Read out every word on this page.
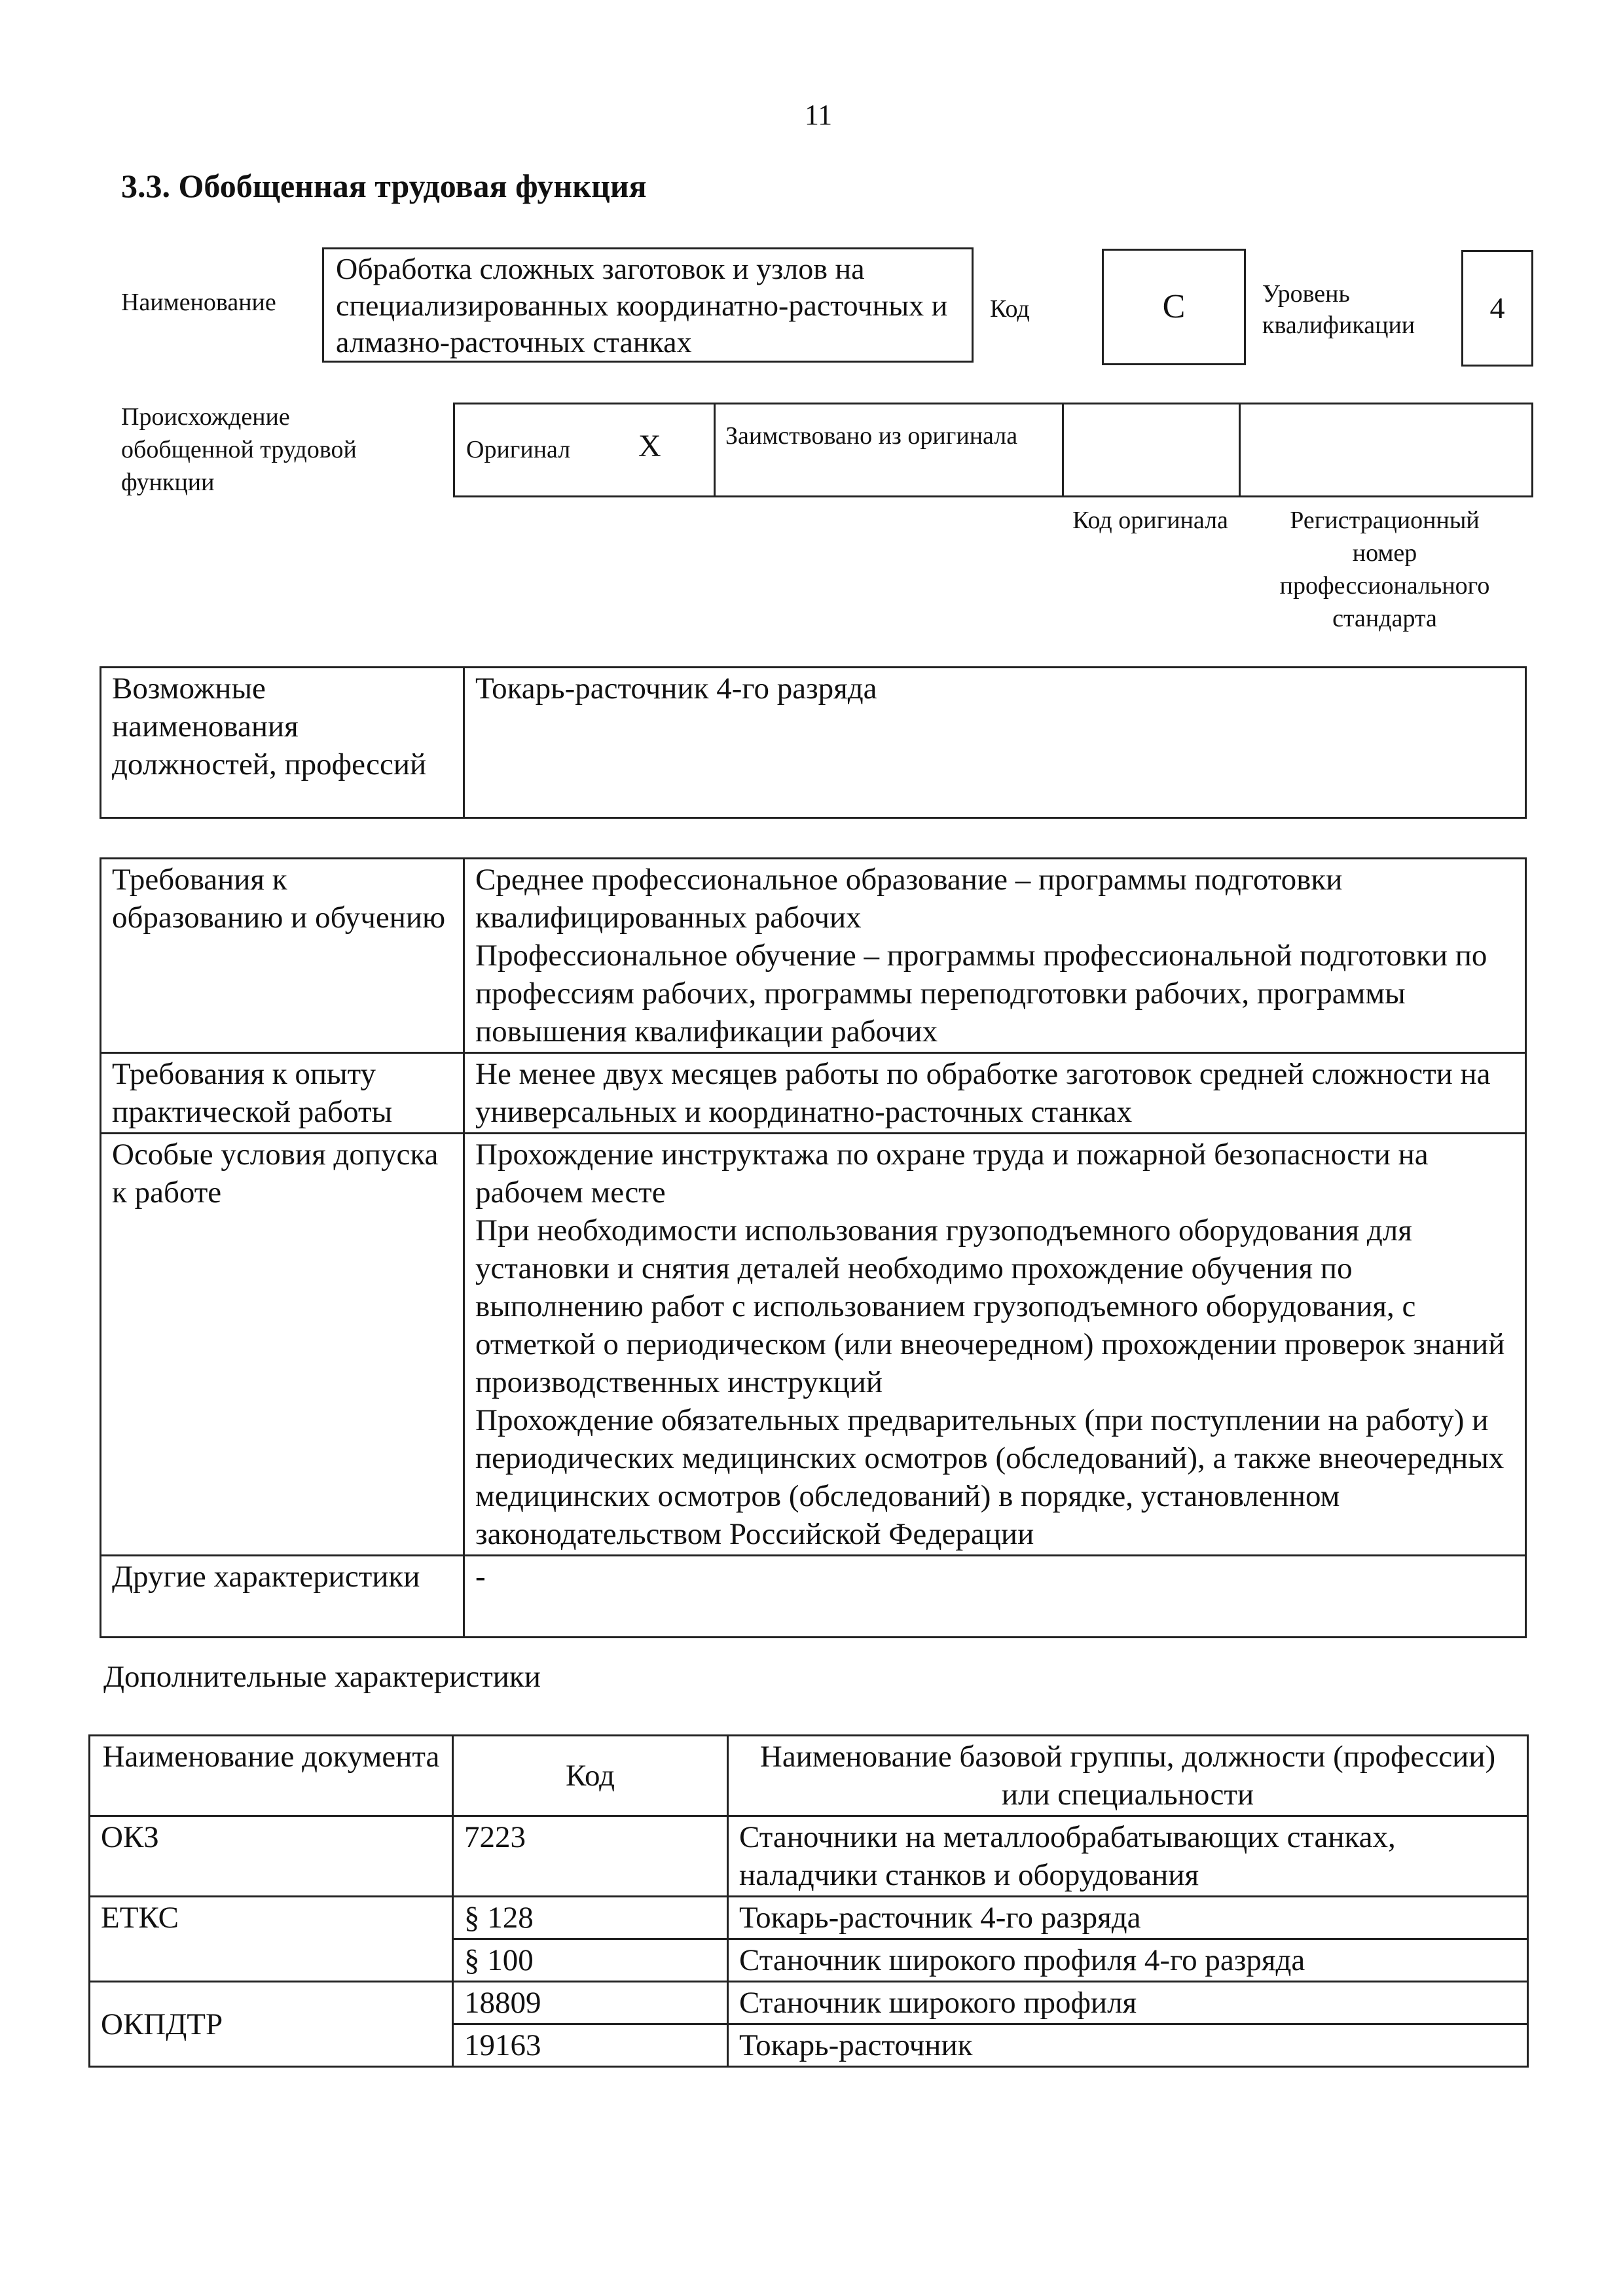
11
3.3. Обобщенная трудовая функция
Наименование
Обработка сложных заготовок и узлов на специализированных координатно-расточных и алмазно-расточных станках
Код	C	Уровень квалификации
4
Происхождение обобщенной трудовой функции
Оригинал X	Заимствовано из оригинала
Код оригинала	Регистрационный номер профессионального стандарта
Возможные наименования должностей, профессий	Токарь-расточник 4-го разряда
Требования к образованию и обучению	Среднее профессиональное образование – программы подготовки квалифицированных рабочих
Профессиональное обучение – программы профессиональной подготовки по профессиям рабочих, программы переподготовки рабочих, программы повышения квалификации рабочих

Требования к опыту практической работы	Не менее двух месяцев работы по обработке заготовок средней сложности на универсальных и координатно-расточных станках

Особые условия допуска к работе	Прохождение инструктажа по охране труда и пожарной безопасности на рабочем месте
При необходимости использования грузоподъемного оборудования для установки и снятия деталей необходимо прохождение обучения по выполнению работ с использованием грузоподъемного оборудования, с отметкой о периодическом (или внеочередном) прохождении проверок знаний производственных инструкций
Прохождение обязательных предварительных (при поступлении на работу) и периодических медицинских осмотров (обследований), а также внеочередных медицинских осмотров (обследований) в порядке, установленном законодательством Российской Федерации

Другие характеристики	-
Дополнительные характеристики
Наименование документа	Код	Наименование базовой группы, должности (профессии) или специальности
ОКЗ	7223	Станочники на металлообрабатывающих станках, наладчики станков и оборудования
ЕТКС	§ 128	Токарь-расточник 4-го разряда
	§ 100	Станочник широкого профиля 4-го разряда
ОКПДТР	18809	Станочник широкого профиля
	19163	Токарь-расточник
